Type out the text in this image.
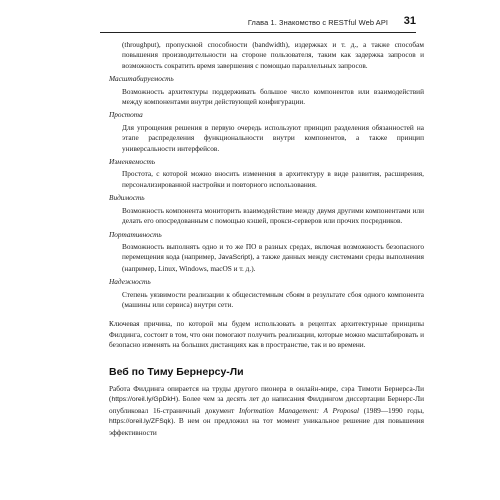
Глава 1. Знакомство с RESTful Web API 31

(throughput), пропускной способности (bandwidth), издержках и т. д., а также способам повышения производительности на стороне пользователя, таким как задержка запросов и возможность сократить время завершения с помощью параллельных запросов.

Масштабируемость

Возможность архитектуры поддерживать большое число компонентов или взаимодействий между компонентами внутри действующей конфигурации.

Простота

Для упрощения решения в первую очередь используют принцип разделения обязанностей на этапе распределения функциональности внутри компонентов, а также принцип универсальности интерфейсов.

Изменяемость

Простота, с которой можно вносить изменения в архитектуру в виде развития, расширения, персонализированной настройки и повторного использования.

Видимость

Возможность компонента мониторить взаимодействие между двумя другими компонентами или делать его опосредованным с помощью кэшей, прокси-серверов или прочих посредников.

Портативность

Возможность выполнять одно и то же ПО в разных средах, включая возможность безопасного перемещения кода (например, JavaScript), а также данных между системами среды выполнения (например, Linux, Windows, macOS и т. д.).

Надежность

Степень уязвимости реализации к общесистемным сбоям в результате сбоя одного компонента (машины или сервиса) внутри сети.

Ключевая причина, по которой мы будем использовать в рецептах архитектурные принципы Филдинга, состоит в том, что они помогают получить реализации, которые можно масштабировать и безопасно изменять на больших дистанциях как в пространстве, так и во времени.

Веб по Тиму Бернерсу-Ли

Работа Филдинга опирается на труды другого пионера в онлайн-мире, сэра Тимоти Бернерса-Ли (https://oreil.ly/GpDkH). Более чем за десять лет до написания Филдингом диссертации Бернерс-Ли опубликовал 16-страничный документ Information Management: A Proposal (1989—1990 годы, https://oreil.ly/ZFSqk). В нем он предложил на тот момент уникальное решение для повышения эффективности
